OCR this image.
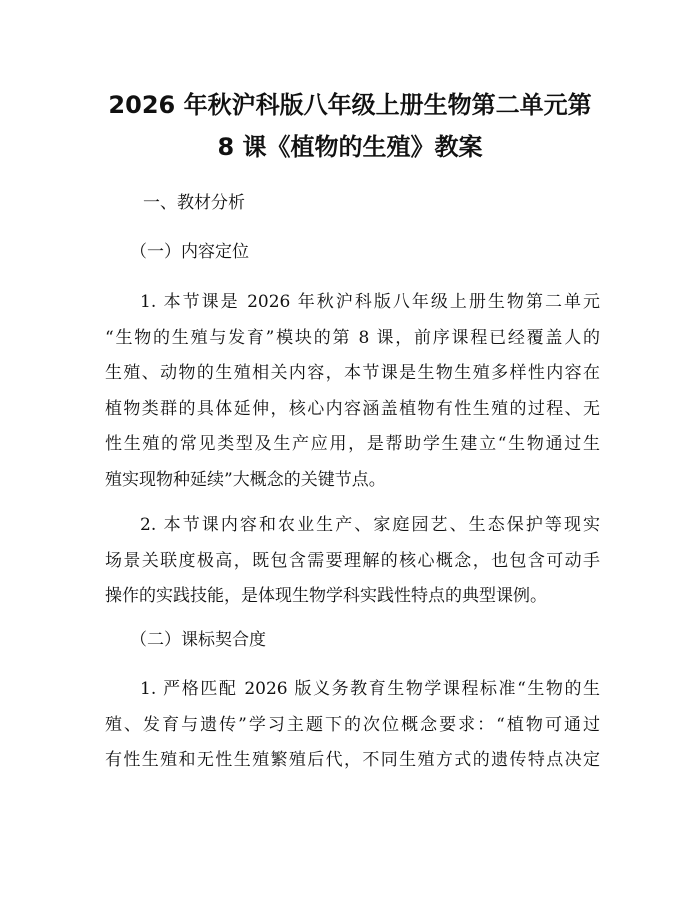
2026 年秋沪科版八年级上册生物第二单元第
8 课《植物的生殖》教案

一、教材分析

（一）内容定位

1. 本节课是 2026 年秋沪科版八年级上册生物第二单元
“生物的生殖与发育”模块的第 8 课，前序课程已经覆盖人的
生殖、动物的生殖相关内容，本节课是生物生殖多样性内容在
植物类群的具体延伸，核心内容涵盖植物有性生殖的过程、无
性生殖的常见类型及生产应用，是帮助学生建立“生物通过生
殖实现物种延续”大概念的关键节点。
2. 本节课内容和农业生产、家庭园艺、生态保护等现实
场景关联度极高，既包含需要理解的核心概念，也包含可动手
操作的实践技能，是体现生物学科实践性特点的典型课例。

（二）课标契合度

1. 严格匹配 2026 版义务教育生物学课程标准“生物的生
殖、发育与遗传”学习主题下的次位概念要求：“植物可通过
有性生殖和无性生殖繁殖后代，不同生殖方式的遗传特点决定
